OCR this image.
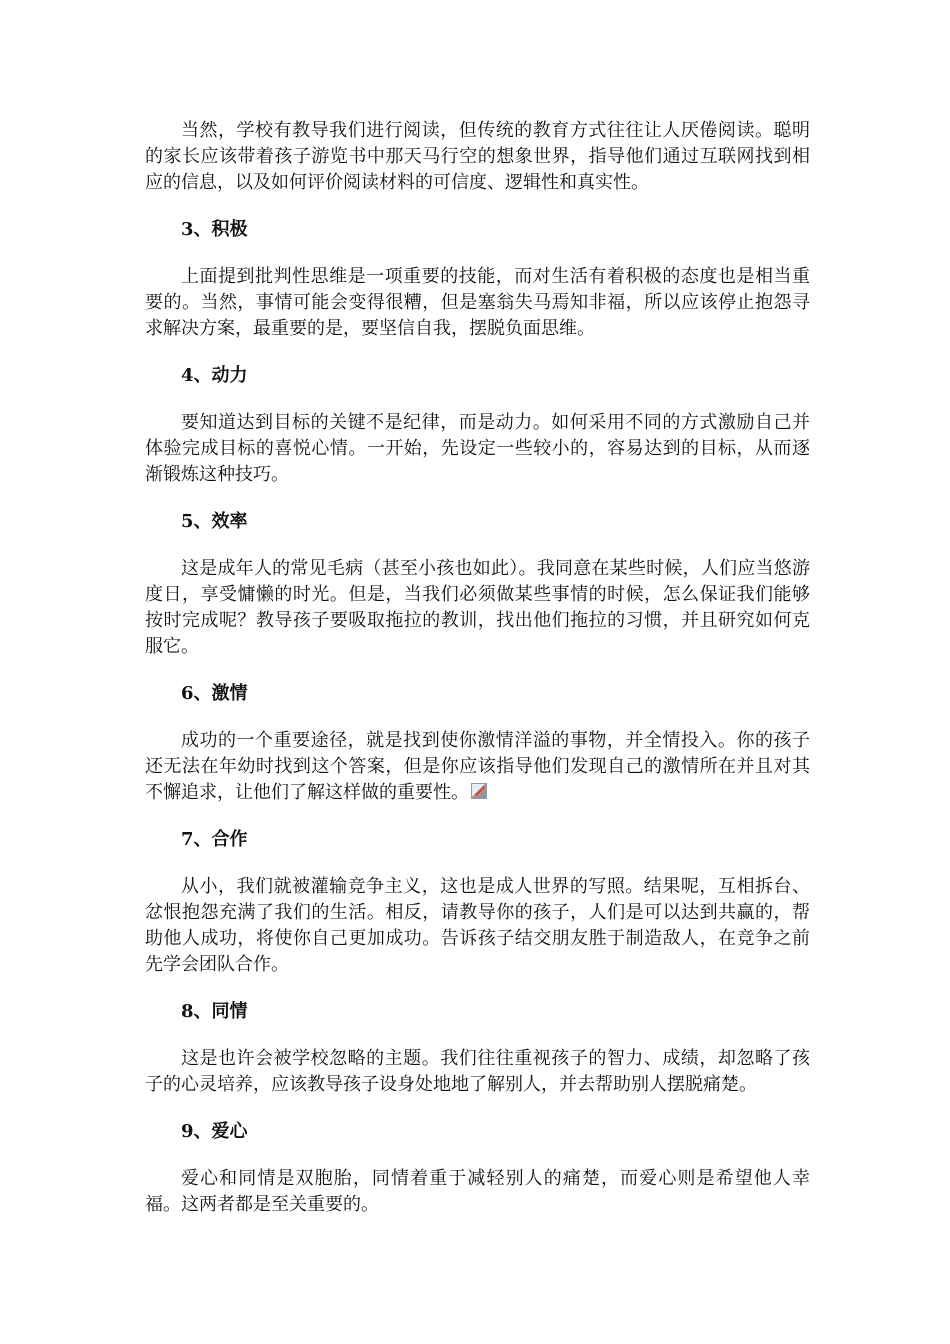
当然，学校有教导我们进行阅读，但传统的教育方式往往让人厌倦阅读。聪明的家长应该带着孩子游览书中那天马行空的想象世界，指导他们通过互联网找到相应的信息，以及如何评价阅读材料的可信度、逻辑性和真实性。

3、积极

上面提到批判性思维是一项重要的技能，而对生活有着积极的态度也是相当重要的。当然，事情可能会变得很糟，但是塞翁失马焉知非福，所以应该停止抱怨寻求解决方案，最重要的是，要坚信自我，摆脱负面思维。

4、动力

要知道达到目标的关键不是纪律，而是动力。如何采用不同的方式激励自己并体验完成目标的喜悦心情。一开始，先设定一些较小的，容易达到的目标，从而逐渐锻炼这种技巧。

5、效率

这是成年人的常见毛病（甚至小孩也如此）。我同意在某些时候，人们应当悠游度日，享受慵懒的时光。但是，当我们必须做某些事情的时候，怎么保证我们能够按时完成呢？教导孩子要吸取拖拉的教训，找出他们拖拉的习惯，并且研究如何克服它。

6、激情

成功的一个重要途径，就是找到使你激情洋溢的事物，并全情投入。你的孩子还无法在年幼时找到这个答案，但是你应该指导他们发现自己的激情所在并且对其不懈追求，让他们了解这样做的重要性。

7、合作

从小，我们就被灌输竞争主义，这也是成人世界的写照。结果呢，互相拆台、忿恨抱怨充满了我们的生活。相反，请教导你的孩子，人们是可以达到共赢的，帮助他人成功，将使你自己更加成功。告诉孩子结交朋友胜于制造敌人，在竞争之前先学会团队合作。

8、同情

这是也许会被学校忽略的主题。我们往往重视孩子的智力、成绩，却忽略了孩子的心灵培养，应该教导孩子设身处地地了解别人，并去帮助别人摆脱痛楚。

9、爱心

爱心和同情是双胞胎，同情着重于减轻别人的痛楚，而爱心则是希望他人幸福。这两者都是至关重要的。
